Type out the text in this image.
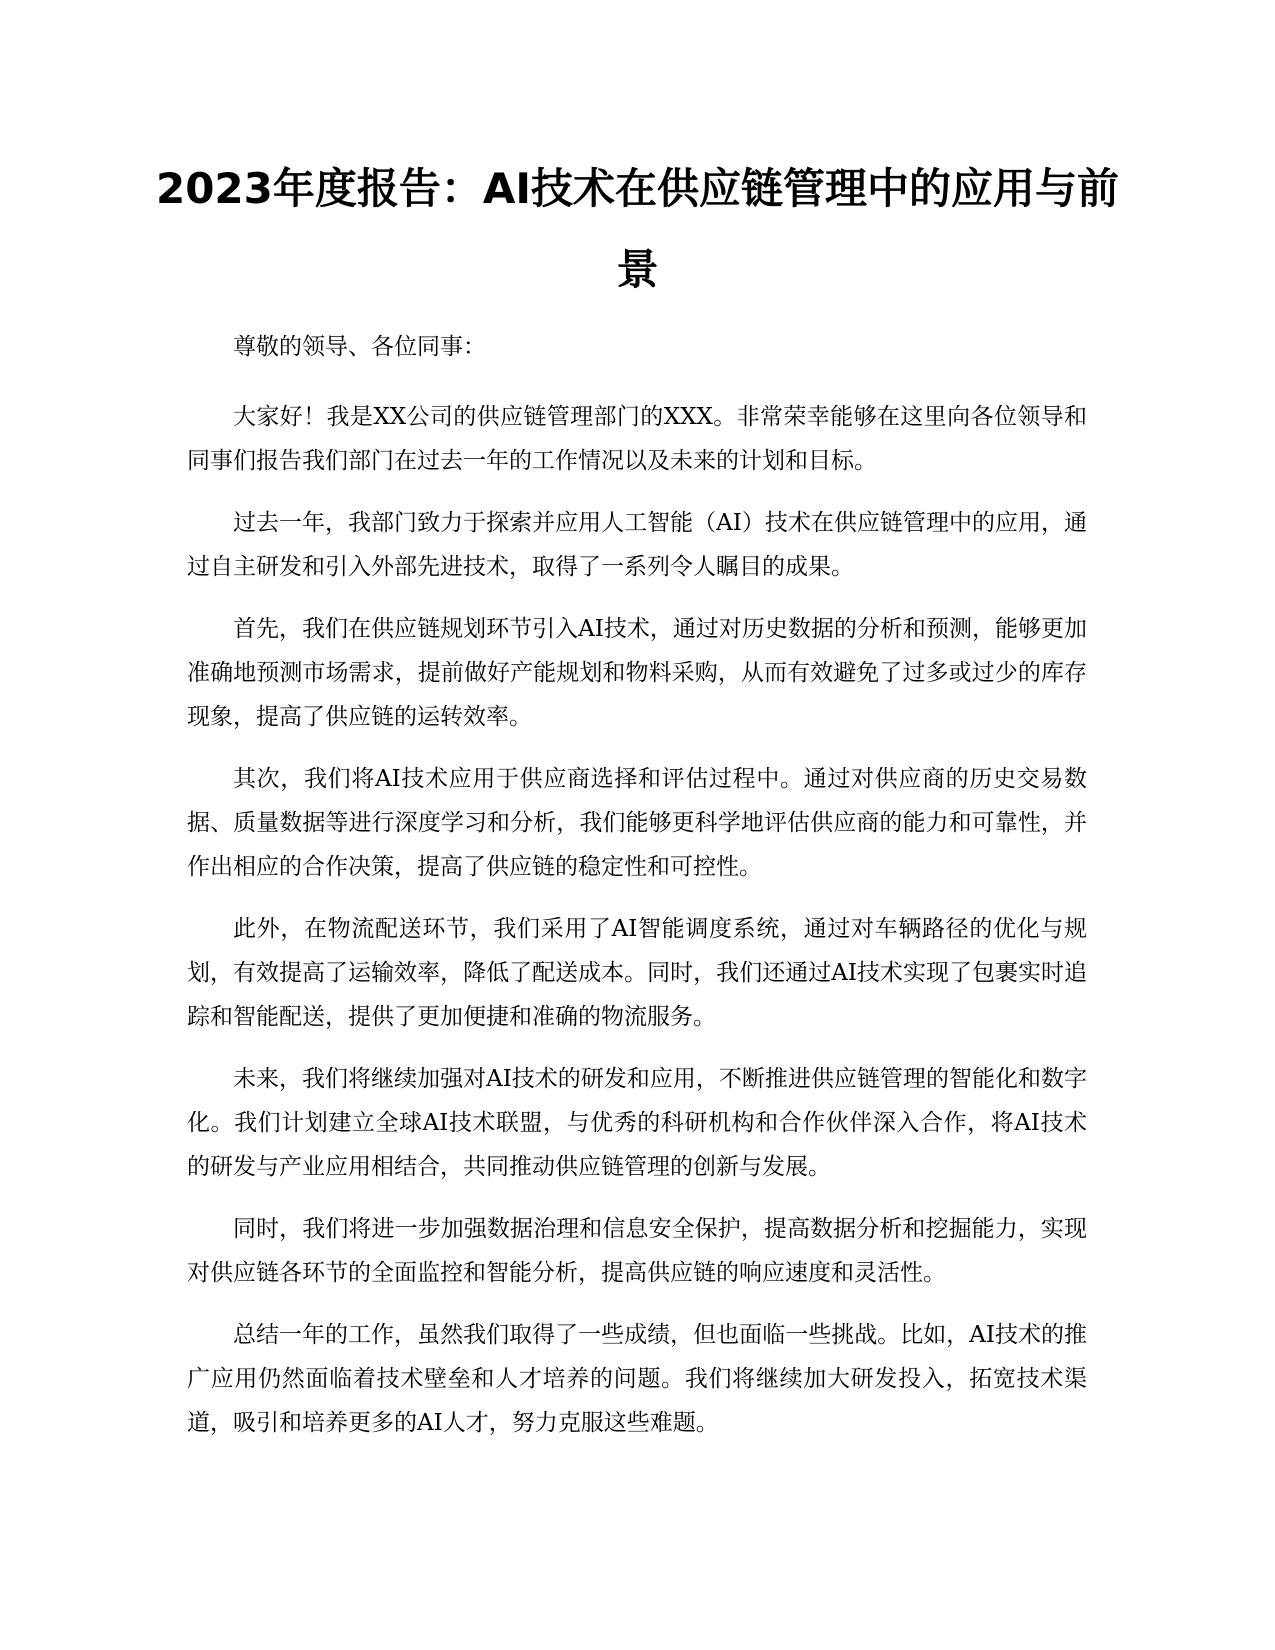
2023年度报告：AI技术在供应链管理中的应用与前景

尊敬的领导、各位同事：

大家好！我是XX公司的供应链管理部门的XXX。非常荣幸能够在这里向各位领导和同事们报告我们部门在过去一年的工作情况以及未来的计划和目标。

过去一年，我部门致力于探索并应用人工智能（AI）技术在供应链管理中的应用，通过自主研发和引入外部先进技术，取得了一系列令人瞩目的成果。

首先，我们在供应链规划环节引入AI技术，通过对历史数据的分析和预测，能够更加准确地预测市场需求，提前做好产能规划和物料采购，从而有效避免了过多或过少的库存现象，提高了供应链的运转效率。

其次，我们将AI技术应用于供应商选择和评估过程中。通过对供应商的历史交易数据、质量数据等进行深度学习和分析，我们能够更科学地评估供应商的能力和可靠性，并作出相应的合作决策，提高了供应链的稳定性和可控性。

此外，在物流配送环节，我们采用了AI智能调度系统，通过对车辆路径的优化与规划，有效提高了运输效率，降低了配送成本。同时，我们还通过AI技术实现了包裹实时追踪和智能配送，提供了更加便捷和准确的物流服务。

未来，我们将继续加强对AI技术的研发和应用，不断推进供应链管理的智能化和数字化。我们计划建立全球AI技术联盟，与优秀的科研机构和合作伙伴深入合作，将AI技术的研发与产业应用相结合，共同推动供应链管理的创新与发展。

同时，我们将进一步加强数据治理和信息安全保护，提高数据分析和挖掘能力，实现对供应链各环节的全面监控和智能分析，提高供应链的响应速度和灵活性。

总结一年的工作，虽然我们取得了一些成绩，但也面临一些挑战。比如，AI技术的推广应用仍然面临着技术壁垒和人才培养的问题。我们将继续加大研发投入，拓宽技术渠道，吸引和培养更多的AI人才，努力克服这些难题。
